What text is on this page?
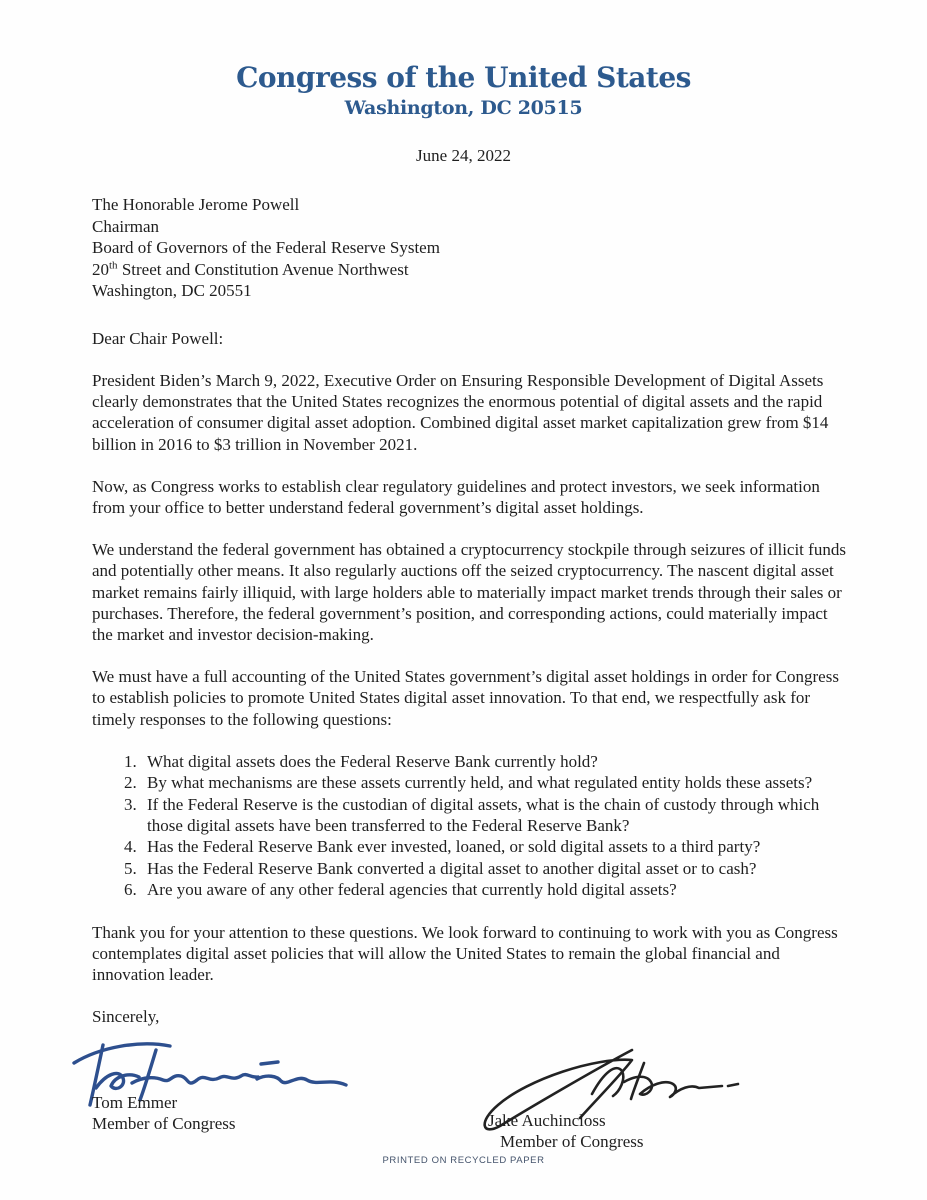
Congress of the United States
Washington, DC 20515
June 24, 2022
The Honorable Jerome Powell
Chairman
Board of Governors of the Federal Reserve System
20th Street and Constitution Avenue Northwest
Washington, DC 20551
Dear Chair Powell:

President Biden’s March 9, 2022, Executive Order on Ensuring Responsible Development of Digital Assets clearly demonstrates that the United States recognizes the enormous potential of digital assets and the rapid acceleration of consumer digital asset adoption. Combined digital asset market capitalization grew from $14 billion in 2016 to $3 trillion in November 2021.

Now, as Congress works to establish clear regulatory guidelines and protect investors, we seek information from your office to better understand federal government’s digital asset holdings.

We understand the federal government has obtained a cryptocurrency stockpile through seizures of illicit funds and potentially other means. It also regularly auctions off the seized cryptocurrency. The nascent digital asset market remains fairly illiquid, with large holders able to materially impact market trends through their sales or purchases. Therefore, the federal government’s position, and corresponding actions, could materially impact the market and investor decision-making.

We must have a full accounting of the United States government’s digital asset holdings in order for Congress to establish policies to promote United States digital asset innovation. To that end, we respectfully ask for timely responses to the following questions:

1. What digital assets does the Federal Reserve Bank currently hold?
2. By what mechanisms are these assets currently held, and what regulated entity holds these assets?
3. If the Federal Reserve is the custodian of digital assets, what is the chain of custody through which those digital assets have been transferred to the Federal Reserve Bank?
4. Has the Federal Reserve Bank ever invested, loaned, or sold digital assets to a third party?
5. Has the Federal Reserve Bank converted a digital asset to another digital asset or to cash?
6. Are you aware of any other federal agencies that currently hold digital assets?

Thank you for your attention to these questions. We look forward to continuing to work with you as Congress contemplates digital asset policies that will allow the United States to remain the global financial and innovation leader.

Sincerely,
Tom Emmer
Member of Congress	Jake Auchincloss
Member of Congress
PRINTED ON RECYCLED PAPER
